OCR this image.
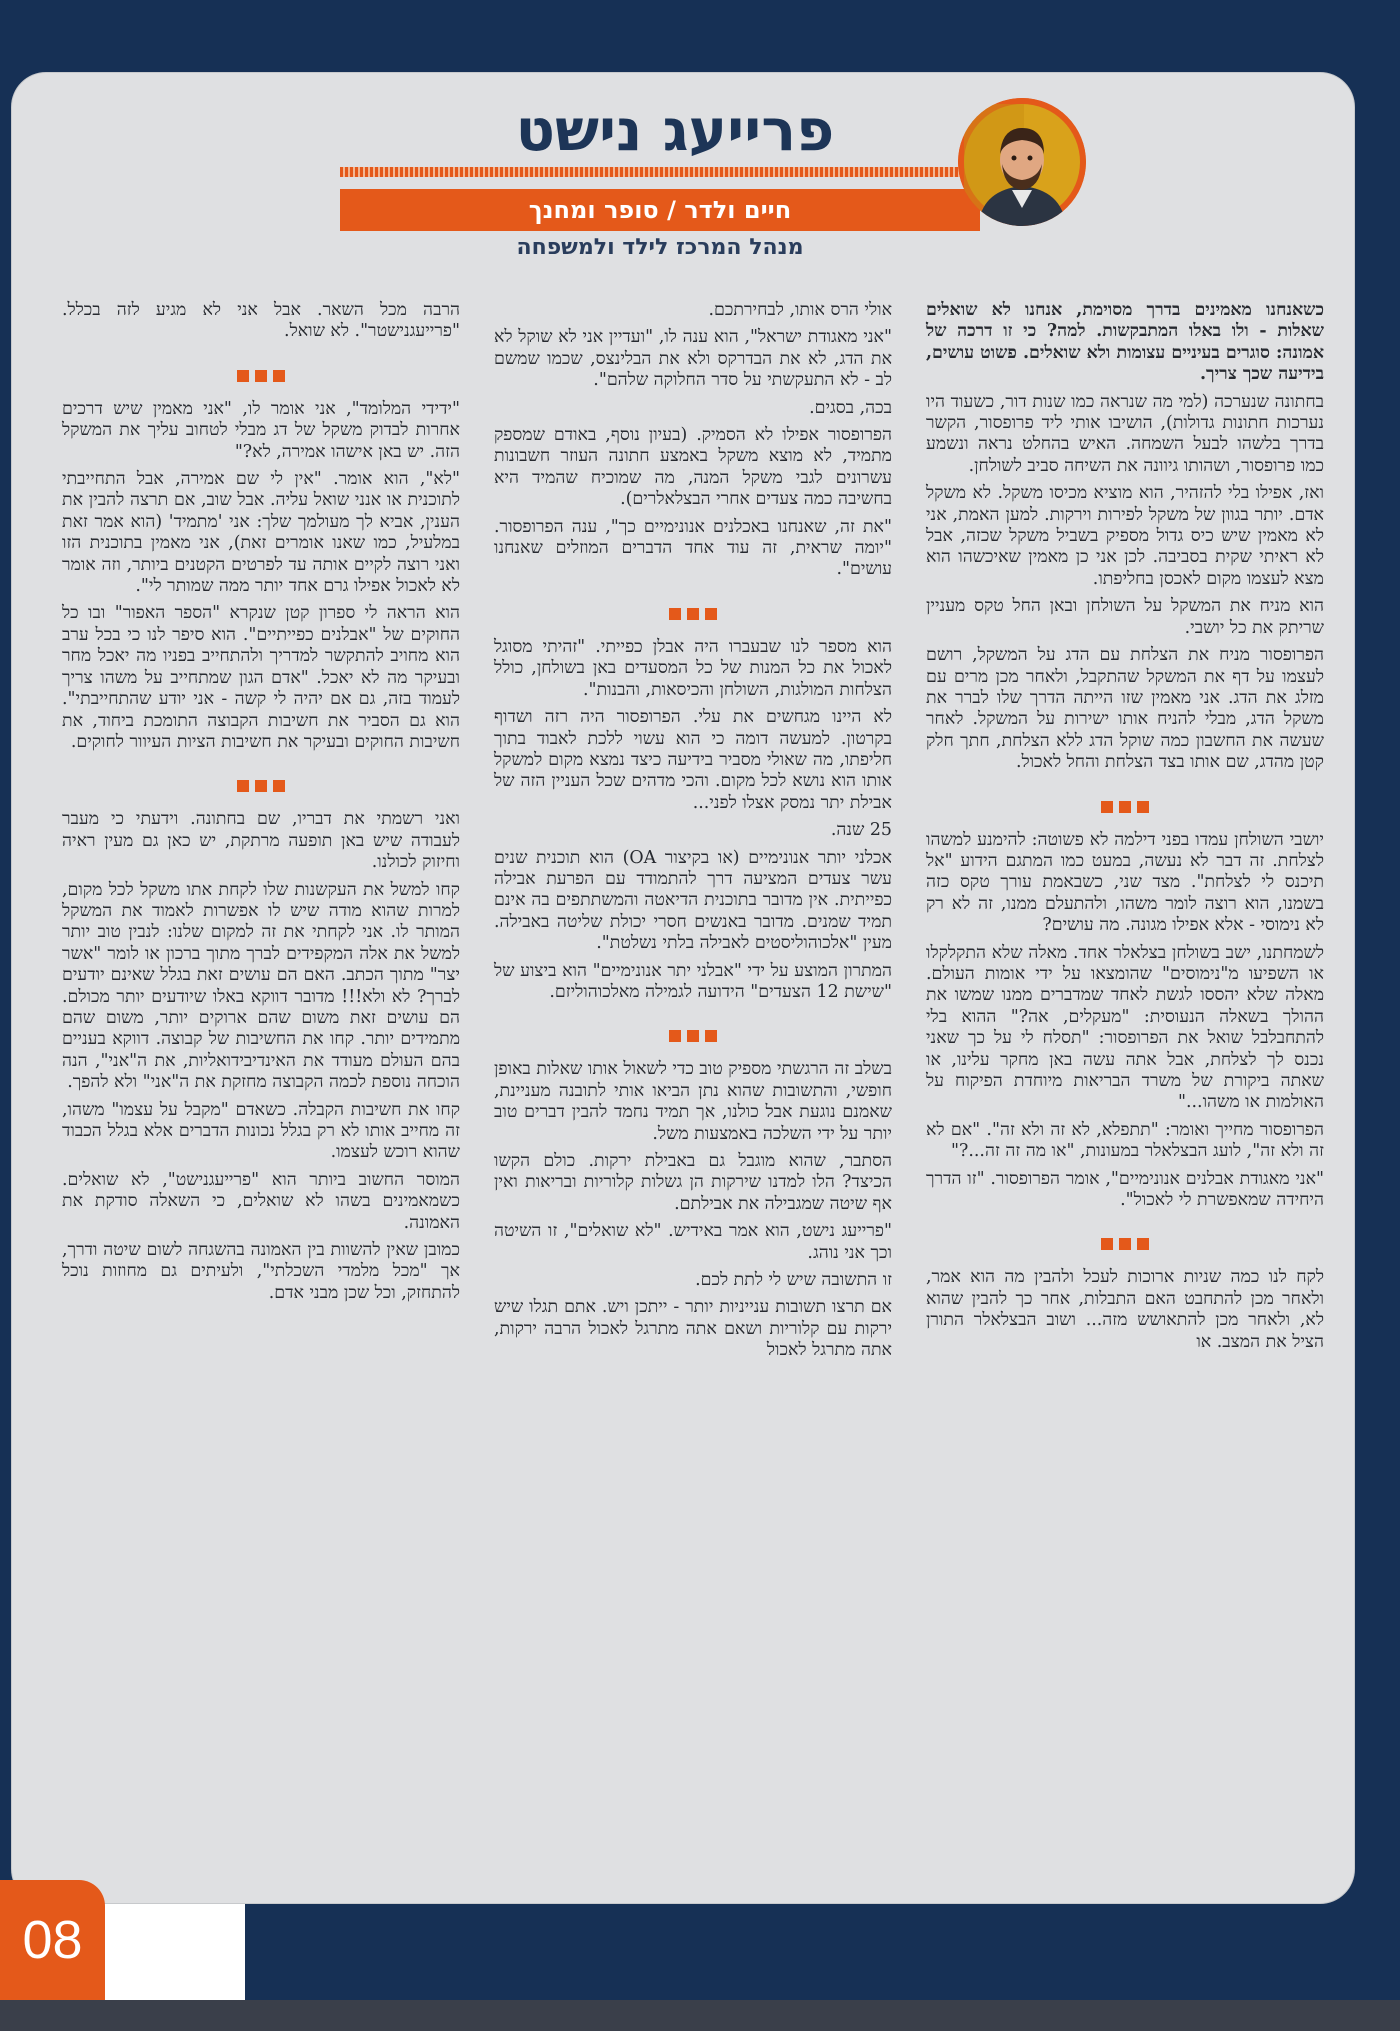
פרייעג נישט
חיים ולדר / סופר ומחנך
מנהל המרכז לילד ולמשפחה

כשאנחנו מאמינים בדרך מסוימת, אנחנו לא שואלים שאלות - ולו באלו המתבקשות. למה? כי זו דרכה של אמונה: סוגרים בעיניים עצומות ולא שואלים. פשוט עושים, בידיעה שכך צריך.

בחתונה שנערכה (למי מה שנראה כמו שנות דור, כשעוד היו נערכות חתונות גדולות), הושיבו אותי ליד פרופסור, הקשר בדרך בלשהו לבעל השמחה. האיש בהחלט נראה ונשמע כמו פרופסור, ושהותו גיוונה את השיחה סביב לשולחן.

ואז, אפילו בלי להזהיר, הוא מוציא מכיסו משקל. לא משקל אדם. יותר בגוון של משקל לפירות וירקות. למען האמת, אני לא מאמין שיש כיס גדול מספיק בשביל משקל שכזה, אבל לא ראיתי שקית בסביבה. לכן אני כן מאמין שאיכשהו הוא מצא לעצמו מקום לאכסן בחליפתו.

הוא מניח את המשקל על השולחן ובאן החל טקס מעניין שריתק את כל יושבי.

הפרופסור מניח את הצלחת עם הדג על המשקל, רושם לעצמו על דף את המשקל שהתקבל, ולאחר מכן מרים עם מזלג את הדג. אני מאמין שזו הייתה הדרך שלו לברר את משקל הדג, מבלי להניח אותו ישירות על המשקל. לאחר שעשה את החשבון כמה שוקל הדג ללא הצלחת, חתך חלק קטן מהדג, שם אותו בצד הצלחת והחל לאכול.

יושבי השולחן עמדו בפני דילמה לא פשוטה: להימנע למשהו לצלחת. זה דבר לא נעשה, במעט כמו המתגם הידוע "אל תיכנס לי לצלחת". מצד שני, כשבאמת עורך טקס כזה בשמנו, הוא רוצה לומר משהו, ולהתעלם ממנו, זה לא רק לא נימוסי - אלא אפילו מגונה. מה עושים?

לשמחתנו, ישב בשולחן בצלאלר אחד. מאלה שלא התקלקלו או השפיעו מ"נימוסים" שהומצאו על ידי אומות העולם. מאלה שלא יהססו לגשת לאחד שמדברים ממנו שמשו את ההולך בשאלה הנעוסית: "מעקלים, אה?" ההוא בלי להתחבלבל שואל את הפרופסור: "תסלח לי על כך שאני נכנס לך לצלחת, אבל אתה עשה באן מחקר עלינו, או שאתה ביקורת של משרד הבריאות מיוחדת הפיקוח על האולמות או משהו..."

הפרופסור מחייך ואומר: "תתפלא, לא זה ולא זה". "אם לא זה ולא זה", לועג הבצלאלר במעונות, "או מה זה זה...?"

"אני מאגודת אבלנים אנונימיים", אומר הפרופסור. "זו הדרך היחידה שמאפשרת לי לאכול".

לקח לנו כמה שניות ארוכות לעכל ולהבין מה הוא אמר, ולאחר מכן להתחבט האם התבלות, אחר כך להבין שהוא לא, ולאחר מכן להתאושש מזה... ושוב הבצלאלר התורן הציל את המצב. או

אולי הרס אותו, לבחירתכם.

"אני מאגודת ישראל", הוא ענה לו, "ועדיין אני לא שוקל לא את הדג, לא את הבדרקס ולא את הבלינצס, שכמו שמשם לב - לא התעקשתי על סדר החלוקה שלהם".

בכה, בסגים.

הפרופסור אפילו לא הסמיק. (בעיון נוסף, באודם שמספק מתמיד, לא מוצא משקל באמצע חתונה העוזר חשבונות עשרונים לגבי משקל המנה, מה שמוכיח שהמיד היא בחשיבה כמה צעדים אחרי הבצלאלרים).

"את זה, שאנחנו באכלנים אנונימיים כך", ענה הפרופסור. "יומה שראית, זה עוד אחד הדברים המוזלים שאנחנו עושים".

הוא מספר לנו שבעברו היה אבלן כפייתי. "זהיתי מסוגל לאכול את כל המנות של כל המסעדים באן בשולחן, כולל הצלחות המולגות, השולחן והכיסאות, והבנות".

לא היינו מגחשים את עלי. הפרופסור היה רזה ושדוף בקרטון. למעשה דומה כי הוא עשוי ללכת לאבוד בתוך חליפתו, מה שאולי מסביר בידיעה כיצד נמצא מקום למשקל אותו הוא נושא לכל מקום. והכי מדהים שכל העניין הזה של אבילת יתר נמסק אצלו לפני...

25 שנה.

אכלני יותר אנונימיים (או בקיצור OA) הוא תוכנית שנים עשר צעדים המציעה דרך להתמודד עם הפרעת אבילה כפייתית. אין מדובר בתוכנית הדיאטה והמשתתפים בה אינם תמיד שמנים. מדובר באנשים חסרי יכולת שליטה באבילה. מעין "אלכוהוליסטים לאבילה בלתי נשלטת".

המתרון המוצע על ידי "אבלני יתר אנונימיים" הוא ביצוע של "שישת 12 הצעדים" הידועה לגמילה מאלכוהוליזם.

בשלב זה הרגשתי מספיק טוב כדי לשאול אותו שאלות באופן חופשי, והתשובות שהוא נתן הביאו אותי לתובנה מעניינת, שאמנם נוגעת אבל כולנו, אך תמיד נחמד להבין דברים טוב יותר על ידי השלכה באמצעות משל.

הסתבר, שהוא מוגבל גם באבילת ירקות. כולם הקשו הכיצד? הלו למדנו שירקות הן גשלות קלוריות ובריאות ואין אף שיטה שמגבילה את אבילתם.

"פרייעג נישט, הוא אמר באידיש. "לא שואלים", זו השיטה וכך אני נוהג.

זו התשובה שיש לי לתת לכם.

אם תרצו תשובות ענייניות יותר - ייתכן ויש. אתם תגלו שיש ירקות עם קלוריות ושאם אתה מתרגל לאכול הרבה ירקות, אתה מתרגל לאכול

הרבה מכל השאר. אבל אני לא מגיע לזה בכלל. "פרייעגנישטר". לא שואל.

"ידידי המלומד", אני אומר לו, "אני מאמין שיש דרכים אחרות לבדוק משקל של דג מבלי לטחוב עליך את המשקל הזה. יש באן אישהו אמירה, לא?"

"לא", הוא אומר. "אין לי שם אמירה, אבל התחייבתי לתוכנית או אנני שואל עליה. אבל שוב, אם תרצה להבין את הענין, אביא לך מעולמך שלך: אני 'מתמיד' (הוא אמר זאת במלעיל, כמו שאנו אומרים זאת), אני מאמין בתוכנית הזו ואני רוצה לקיים אותה עד לפרטים הקטנים ביותר, וזה אומר לא לאכול אפילו גרם אחד יותר ממה שמותר לי".

הוא הראה לי ספרון קטן שנקרא "הספר האפור" ובו כל החוקים של "אבלנים כפייתיים". הוא סיפר לנו כי בכל ערב הוא מחויב להתקשר למדריך ולהתחייב בפניו מה יאכל מחר ובעיקר מה לא יאכל. "אדם הגון שמתחייב על משהו צריך לעמוד בזה, גם אם יהיה לי קשה - אני יודע שהתחייבתי". הוא גם הסביר את חשיבות הקבוצה התומכת ביחוד, את חשיבות החוקים ובעיקר את חשיבות הציות העיוור לחוקים.

ואני רשמתי את דבריו, שם בחתונה. וידעתי כי מעבר לעבודה שיש באן תופעה מרתקת, יש כאן גם מעין ראיה וחיזוק לכולנו.

קחו למשל את העקשנות שלו לקחת אתו משקל לכל מקום, למרות שהוא מודה שיש לו אפשרות לאמוד את המשקל המותר לו. אני לקחתי את זה למקום שלנו: לנבין טוב יותר למשל את אלה המקפידים לברך מתוך ברכון או לומר "אשר יצר" מתוך הכתב. האם הם עושים זאת בגלל שאינם יודעים לברך? לא ולא!!! מדובר דווקא באלו שיודעים יותר מכולם. הם עושים זאת משום שהם ארוקים יותר, משום שהם מתמידים יותר. קחו את החשיבות של קבוצה. דווקא בעניים בהם העולם מעודד את האינדיבידואליות, את ה"אני", הנה הוכחה נוספת לכמה הקבוצה מחזקת את ה"אני" ולא להפך.

קחו את חשיבות הקבלה. כשאדם "מקבל על עצמו" משהו, זה מחייב אותו לא רק בגלל נכונות הדברים אלא בגלל הכבוד שהוא רוכש לעצמו.

המוסר החשוב ביותר הוא "פרייעגנישט", לא שואלים. כשמאמינים בשהו לא שואלים, כי השאלה סודקת את האמונה.

כמובן שאין להשוות בין האמונה בהשגחה לשום שיטה ודרך, אך "מכל מלמדי השכלתי", ולעיתים גם מחוזות נוכל להתחזק, וכל שכן מבני אדם.

08
